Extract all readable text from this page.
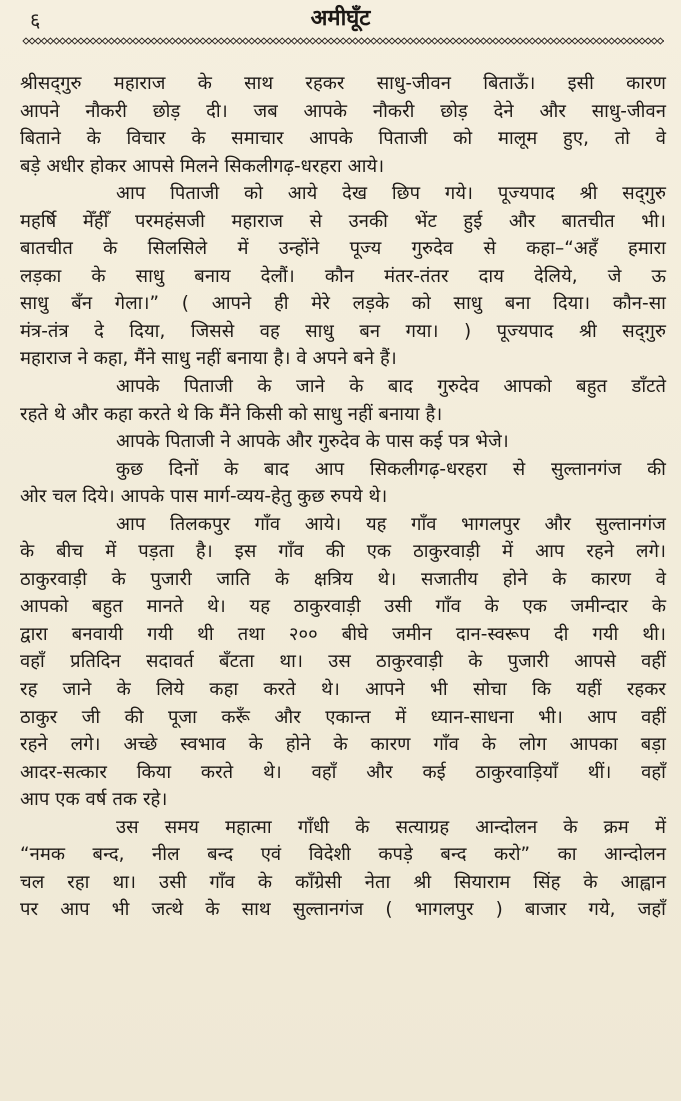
६	अमीघूँट
श्रीसद्‌गुरु महाराज के साथ रहकर साधु-जीवन बिताऊँ। इसी कारण
आपने नौकरी छोड़ दी। जब आपके नौकरी छोड़ देने और साधु-जीवन
बिताने के विचार के समाचार आपके पिताजी को मालूम हुए, तो वे
बड़े अधीर होकर आपसे मिलने सिकलीगढ़-धरहरा आये।
आप पिताजी को आये देख छिप गये। पूज्यपाद श्री सद्‌गुरु
महर्षि मेँहीँ परमहंसजी महाराज से उनकी भेंट हुई और बातचीत भी।
बातचीत के सिलसिले में उन्होंने पूज्य गुरुदेव से कहा–“अहँ हमारा
लड़का के साधु बनाय देलौं। कौन मंतर-तंतर दाय देलिये, जे ऊ
साधु बँन गेला।” ( आपने ही मेरे लड़के को साधु बना दिया। कौन-सा
मंत्र-तंत्र दे दिया, जिससे वह साधु बन गया। ) पूज्यपाद श्री सद्‌गुरु
महाराज ने कहा, मैंने साधु नहीं बनाया है। वे अपने बने हैं।
आपके पिताजी के जाने के बाद गुरुदेव आपको बहुत डाँटते
रहते थे और कहा करते थे कि मैंने किसी को साधु नहीं बनाया है।
आपके पिताजी ने आपके और गुरुदेव के पास कई पत्र भेजे।
कुछ दिनों के बाद आप सिकलीगढ़-धरहरा से सुल्तानगंज की
ओर चल दिये। आपके पास मार्ग-व्यय-हेतु कुछ रुपये थे।
आप तिलकपुर गाँव आये। यह गाँव भागलपुर और सुल्तानगंज
के बीच में पड़ता है। इस गाँव की एक ठाकुरवाड़ी में आप रहने लगे।
ठाकुरवाड़ी के पुजारी जाति के क्षत्रिय थे। सजातीय होने के कारण वे
आपको बहुत मानते थे। यह ठाकुरवाड़ी उसी गाँव के एक जमीन्दार के
द्वारा बनवायी गयी थी तथा २०० बीघे जमीन दान-स्वरूप दी गयी थी।
वहाँ प्रतिदिन सदावर्त बँटता था। उस ठाकुरवाड़ी के पुजारी आपसे वहीं
रह जाने के लिये कहा करते थे। आपने भी सोचा कि यहीं रहकर
ठाकुर जी की पूजा करूँ और एकान्त में ध्यान-साधना भी। आप वहीं
रहने लगे। अच्छे स्वभाव के होने के कारण गाँव के लोग आपका बड़ा
आदर-सत्कार किया करते थे। वहाँ और कई ठाकुरवाड़ियाँ थीं। वहाँ
आप एक वर्ष तक रहे।
उस समय महात्मा गाँधी के सत्याग्रह आन्दोलन के क्रम में
“नमक बन्द, नील बन्द एवं विदेशी कपड़े बन्द करो” का आन्दोलन
चल रहा था। उसी गाँव के काँग्रेसी नेता श्री सियाराम सिंह के आह्वान
पर आप भी जत्थे के साथ सुल्तानगंज ( भागलपुर ) बाजार गये, जहाँ
